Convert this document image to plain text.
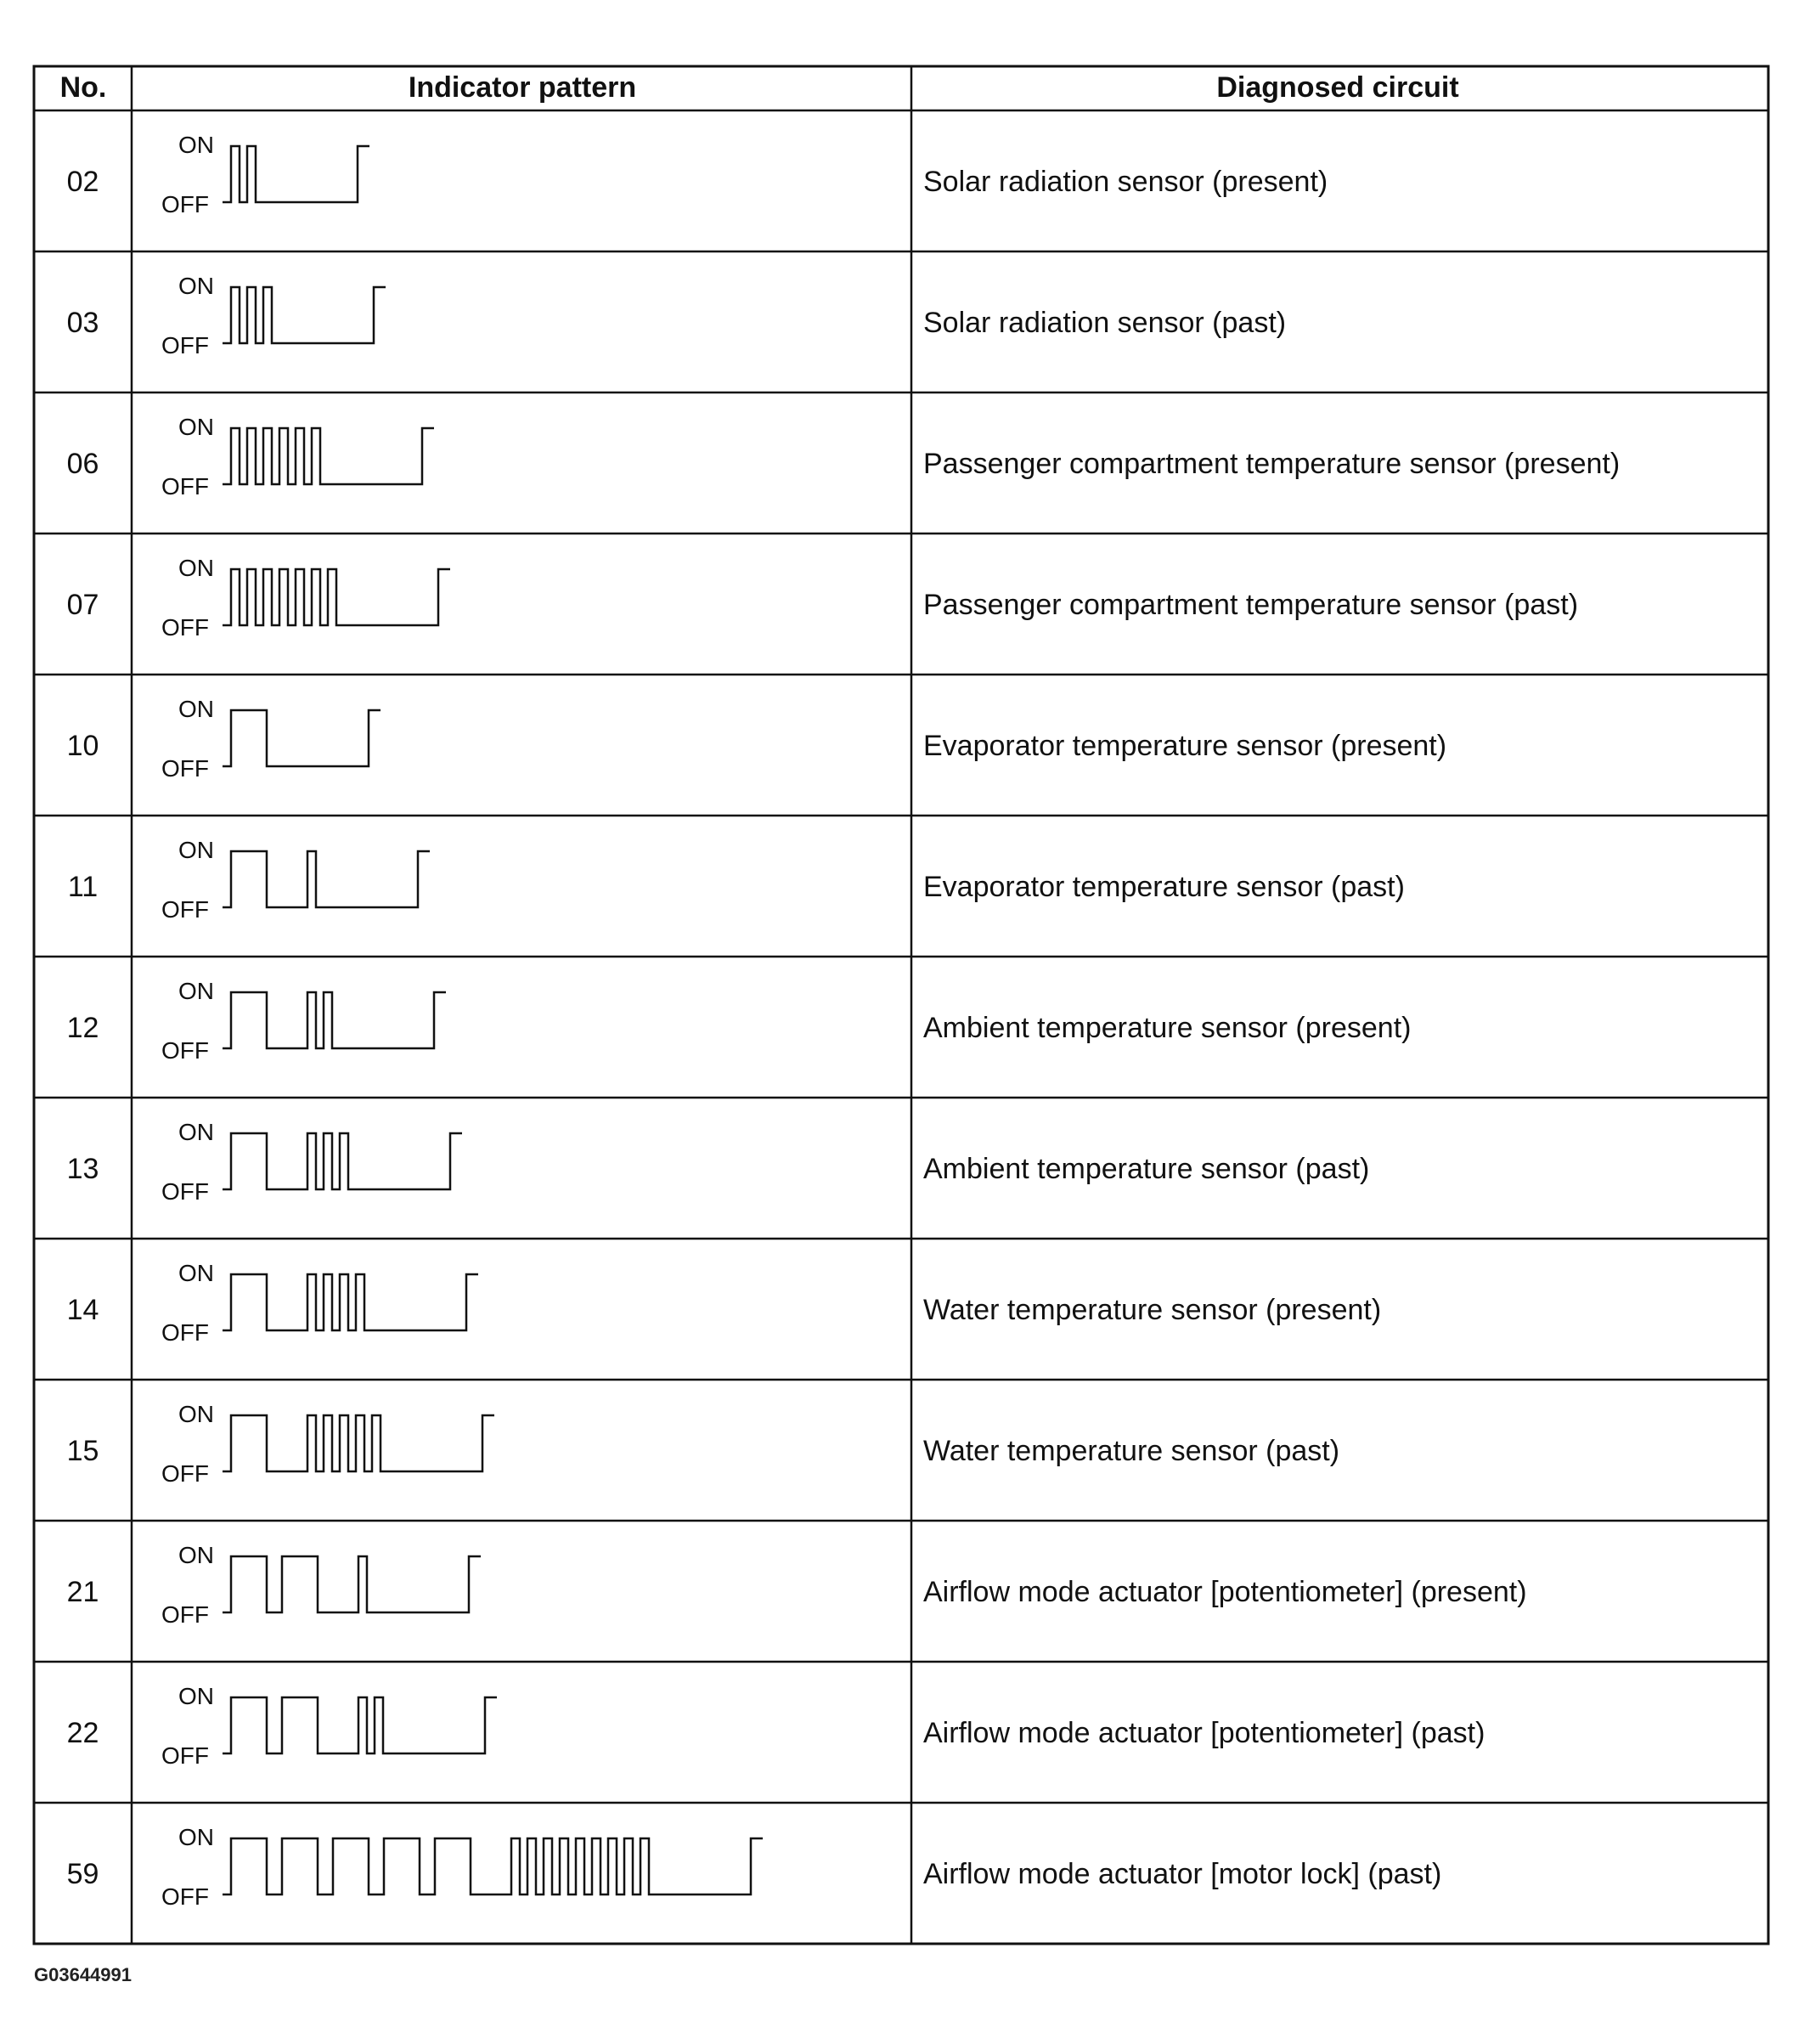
No.	Indicator pattern	Diagnosed circuit
02
ON
OFF
Solar radiation sensor (present)
03
ON
OFF
Solar radiation sensor (past)
06
ON
OFF
Passenger compartment temperature sensor (present)
07
ON
OFF
Passenger compartment temperature sensor (past)
10
ON
OFF
Evaporator temperature sensor (present)
11
ON
OFF
Evaporator temperature sensor (past)
12
ON
OFF
Ambient temperature sensor (present)
13
ON
OFF
Ambient temperature sensor (past)
14
ON
OFF
Water temperature sensor (present)
15
ON
OFF
Water temperature sensor (past)
21
ON
OFF
Airflow mode actuator [potentiometer] (present)
22
ON
OFF
Airflow mode actuator [potentiometer] (past)
59
ON
OFF
Airflow mode actuator [motor lock] (past)
G03644991
